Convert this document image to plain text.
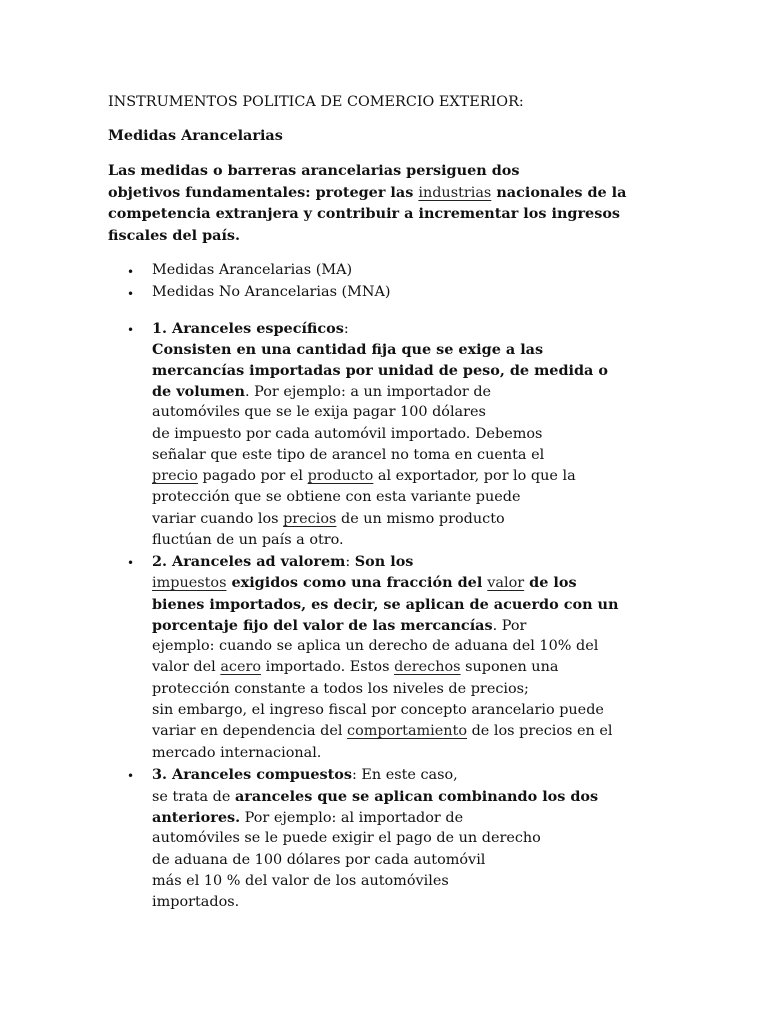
INSTRUMENTOS POLITICA DE COMERCIO EXTERIOR:
Medidas Arancelarias
Las medidas o barreras arancelarias persiguen dos
objetivos fundamentales: proteger las industrias nacionales de la
competencia extranjera y contribuir a incrementar los ingresos
fiscales del país.
• Medidas Arancelarias (MA)
• Medidas No Arancelarias (MNA)
• 1. Aranceles específicos:
Consisten en una cantidad fija que se exige a las
mercancías importadas por unidad de peso, de medida o
de volumen. Por ejemplo: a un importador de
automóviles que se le exija pagar 100 dólares
de impuesto por cada automóvil importado. Debemos
señalar que este tipo de arancel no toma en cuenta el
precio pagado por el producto al exportador, por lo que la
protección que se obtiene con esta variante puede
variar cuando los precios de un mismo producto
fluctúan de un país a otro.
• 2. Aranceles ad valorem: Son los
impuestos exigidos como una fracción del valor de los
bienes importados, es decir, se aplican de acuerdo con un
porcentaje fijo del valor de las mercancías. Por
ejemplo: cuando se aplica un derecho de aduana del 10% del
valor del acero importado. Estos derechos suponen una
protección constante a todos los niveles de precios;
sin embargo, el ingreso fiscal por concepto arancelario puede
variar en dependencia del comportamiento de los precios en el
mercado internacional.
• 3. Aranceles compuestos: En este caso,
se trata de aranceles que se aplican combinando los dos
anteriores. Por ejemplo: al importador de
automóviles se le puede exigir el pago de un derecho
de aduana de 100 dólares por cada automóvil
más el 10 % del valor de los automóviles
importados.
